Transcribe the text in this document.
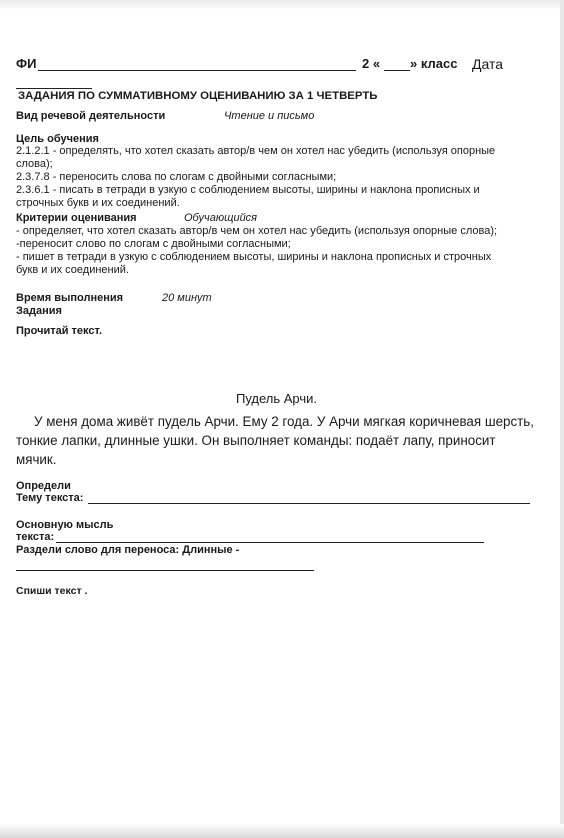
ФИ	2 « » класс Дата
ЗАДАНИЯ ПО СУММАТИВНОМУ ОЦЕНИВАНИЮ ЗА 1 ЧЕТВЕРТЬ
Вид речевой деятельности	Чтение и письмо
Цель обучения
2.1.2.1 - определять, что хотел сказать автор/в чем он хотел нас убедить (используя опорные слова);
2.3.7.8 - переносить слова по слогам с двойными согласными;
2.3.6.1 - писать в тетради в узкую с соблюдением высоты, ширины и наклона прописных и строчных букв и их соединений.
Критерии оценивания	Обучающийся
- определяет, что хотел сказать автор/в чем он хотел нас убедить (используя опорные слова);
-переносит слово по слогам с двойными согласными;
- пишет в тетради в узкую с соблюдением высоты, ширины и наклона прописных и строчных букв и их соединений.
Время выполнения	20 минут
Задания
Прочитай текст.
Пудель Арчи.
У меня дома живёт пудель Арчи. Ему 2 года. У Арчи мягкая коричневая шерсть, тонкие лапки, длинные ушки. Он выполняет команды: подаёт лапу, приносит мячик.
Определи
Тему текста:
Основную мысль
текста:
Раздели слово для переноса: Длинные -
Спиши текст .
